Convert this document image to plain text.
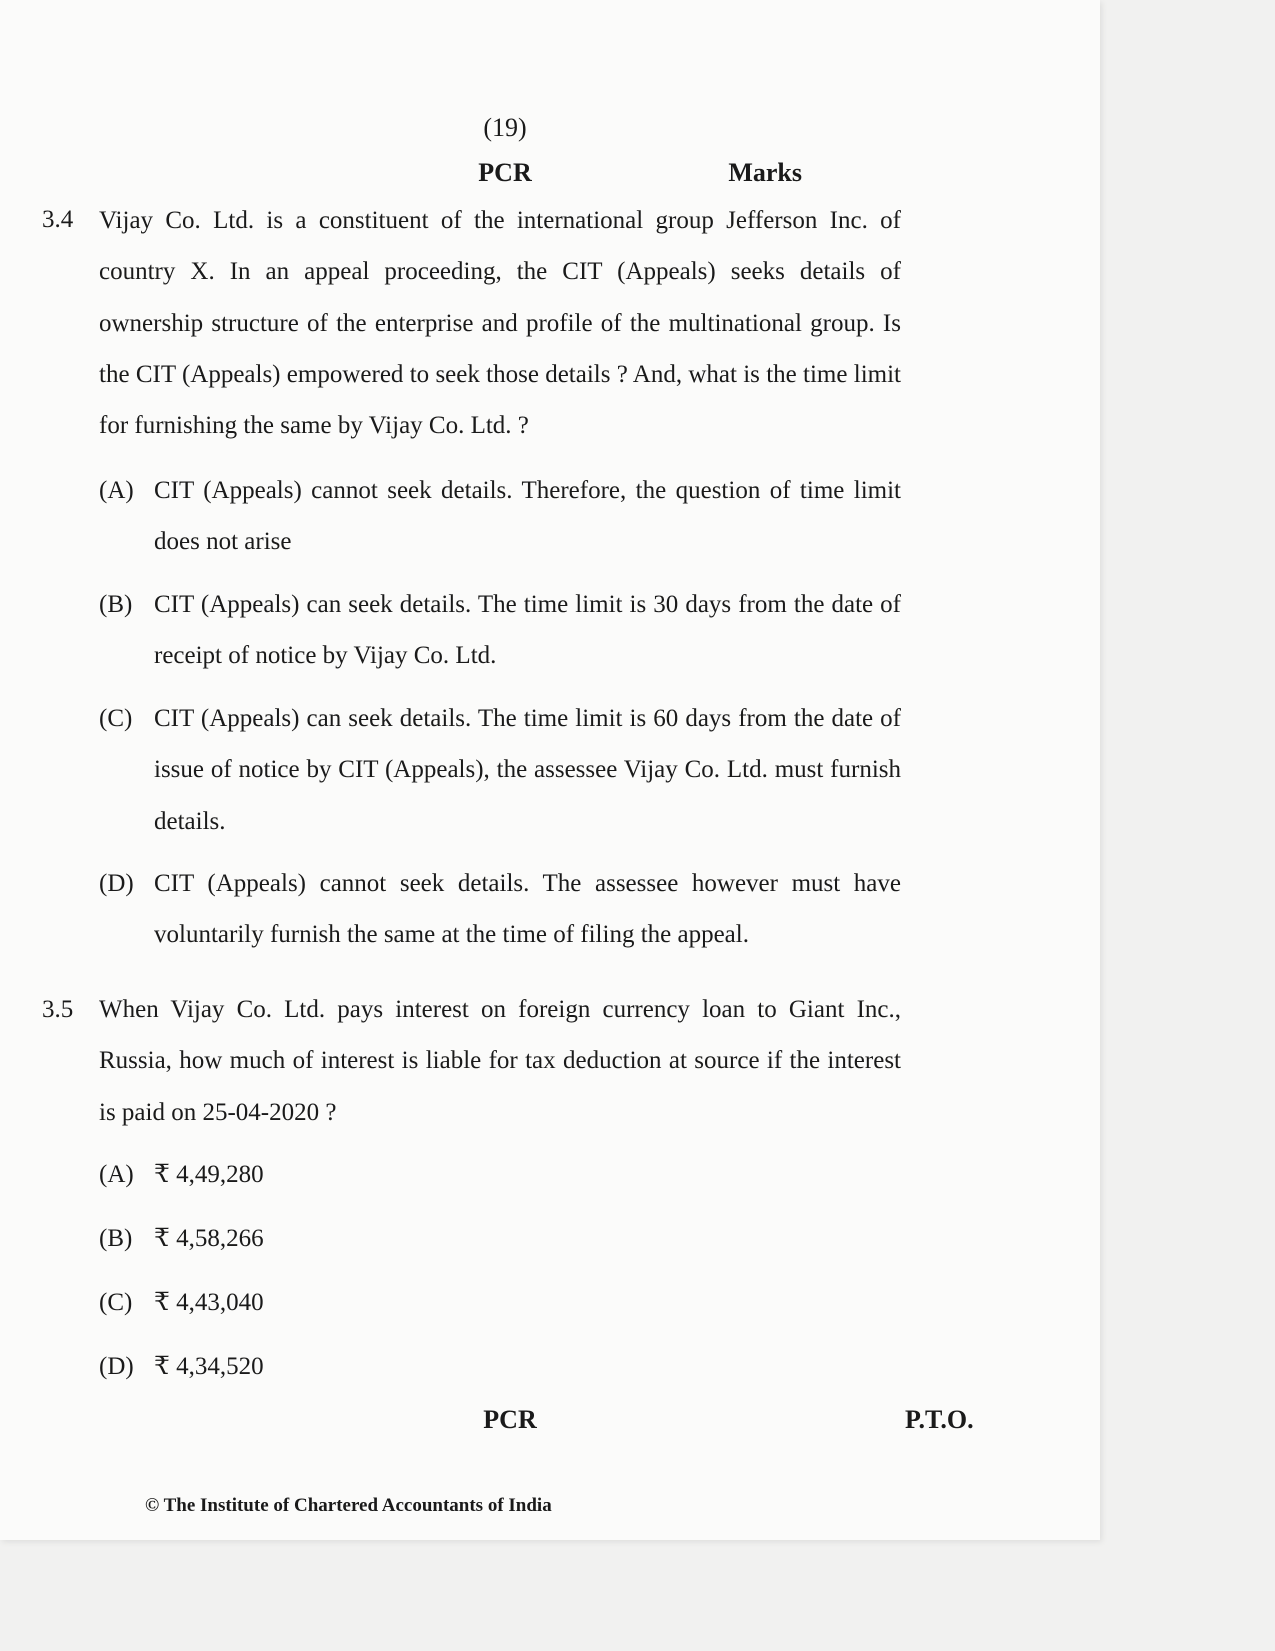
(19)
PCR	Marks
3.4 Vijay Co. Ltd. is a constituent of the international group Jefferson Inc. of country X. In an appeal proceeding, the CIT (Appeals) seeks details of ownership structure of the enterprise and profile of the multinational group. Is the CIT (Appeals) empowered to seek those details ? And, what is the time limit for furnishing the same by Vijay Co. Ltd. ?
(A) CIT (Appeals) cannot seek details. Therefore, the question of time limit does not arise
(B) CIT (Appeals) can seek details. The time limit is 30 days from the date of receipt of notice by Vijay Co. Ltd.
(C) CIT (Appeals) can seek details. The time limit is 60 days from the date of issue of notice by CIT (Appeals), the assessee Vijay Co. Ltd. must furnish details.
(D) CIT (Appeals) cannot seek details. The assessee however must have voluntarily furnish the same at the time of filing the appeal.
3.5 When Vijay Co. Ltd. pays interest on foreign currency loan to Giant Inc., Russia, how much of interest is liable for tax deduction at source if the interest is paid on 25-04-2020 ?
(A) ₹ 4,49,280
(B) ₹ 4,58,266
(C) ₹ 4,43,040
(D) ₹ 4,34,520
PCR	P.T.O.
© The Institute of Chartered Accountants of India
